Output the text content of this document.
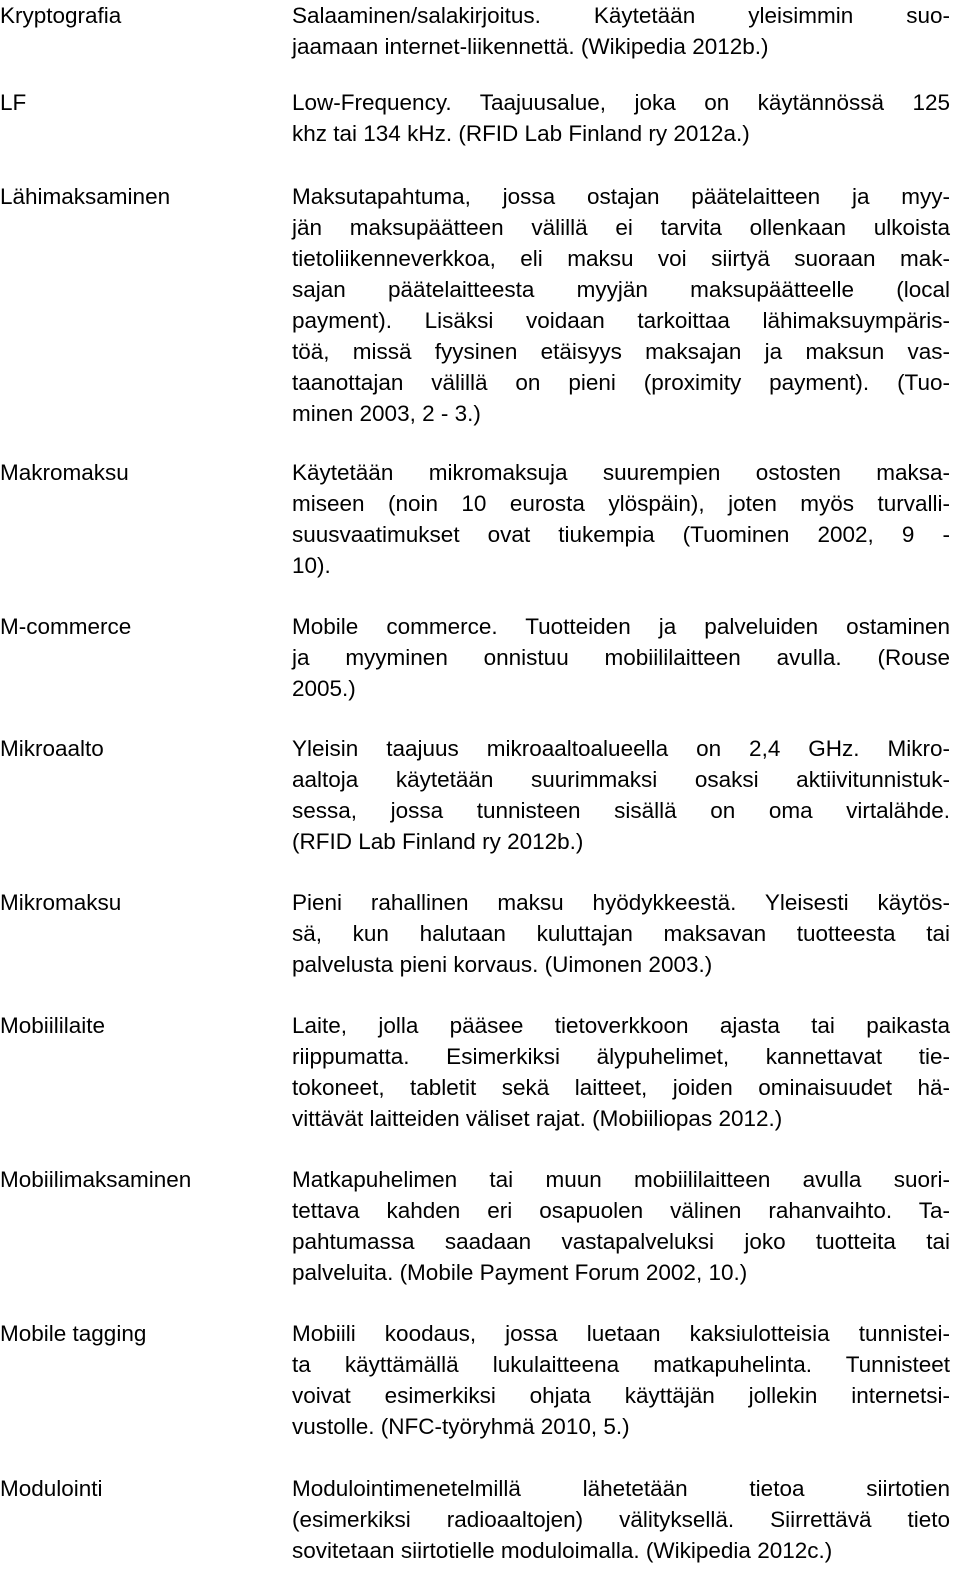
Kryptografia	Salaaminen/salakirjoitus. Käytetään yleisimmin suo-
jaamaan internet-liikennettä. (Wikipedia 2012b.)
LF	Low-Frequency. Taajuusalue, joka on käytännössä 125
khz tai 134 kHz. (RFID Lab Finland ry 2012a.)
Lähimaksaminen	Maksutapahtuma, jossa ostajan päätelaitteen ja myy-
jän maksupäätteen välillä ei tarvita ollenkaan ulkoista
tietoliikenneverkkoa, eli maksu voi siirtyä suoraan mak-
sajan päätelaitteesta myyjän maksupäätteelle (local
payment). Lisäksi voidaan tarkoittaa lähimaksuympäris-
töä, missä fyysinen etäisyys maksajan ja maksun vas-
taanottajan välillä on pieni (proximity payment). (Tuo-
minen 2003, 2 - 3.)
Makromaksu	Käytetään mikromaksuja suurempien ostosten maksa-
miseen (noin 10 eurosta ylöspäin), joten myös turvalli-
suusvaatimukset ovat tiukempia (Tuominen 2002, 9 -
10).
M-commerce	Mobile commerce. Tuotteiden ja palveluiden ostaminen
ja myyminen onnistuu mobiililaitteen avulla. (Rouse
2005.)
Mikroaalto	Yleisin taajuus mikroaaltoalueella on 2,4 GHz. Mikro-
aaltoja käytetään suurimmaksi osaksi aktiivitunnistuk-
sessa, jossa tunnisteen sisällä on oma virtalähde.
(RFID Lab Finland ry 2012b.)
Mikromaksu	Pieni rahallinen maksu hyödykkeestä. Yleisesti käytös-
sä, kun halutaan kuluttajan maksavan tuotteesta tai
palvelusta pieni korvaus. (Uimonen 2003.)
Mobiililaite	Laite, jolla pääsee tietoverkkoon ajasta tai paikasta
riippumatta. Esimerkiksi älypuhelimet, kannettavat tie-
tokoneet, tabletit sekä laitteet, joiden ominaisuudet hä-
vittävät laitteiden väliset rajat. (Mobiiliopas 2012.)
Mobiilimaksaminen	Matkapuhelimen tai muun mobiililaitteen avulla suori-
tettava kahden eri osapuolen välinen rahanvaihto. Ta-
pahtumassa saadaan vastapalveluksi joko tuotteita tai
palveluita. (Mobile Payment Forum 2002, 10.)
Mobile tagging	Mobiili koodaus, jossa luetaan kaksiulotteisia tunnistei-
ta käyttämällä lukulaitteena matkapuhelinta. Tunnisteet
voivat esimerkiksi ohjata käyttäjän jollekin internetsi-
vustolle. (NFC-työryhmä 2010, 5.)
Modulointi	Modulointimenetelmillä lähetetään tietoa siirtotien
(esimerkiksi radioaaltojen) välityksellä. Siirrettävä tieto
sovitetaan siirtotielle moduloimalla. (Wikipedia 2012c.)
